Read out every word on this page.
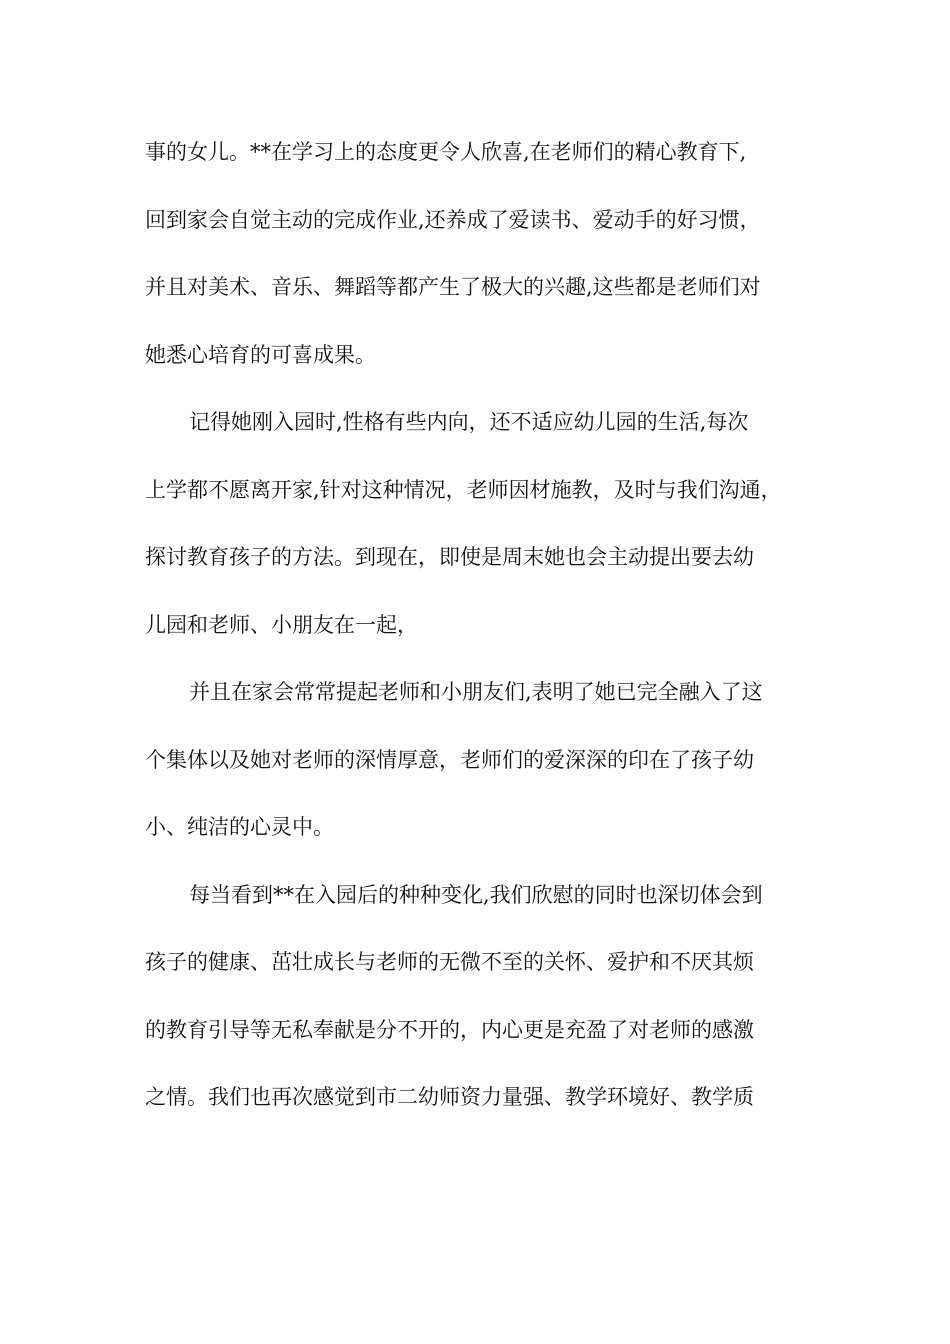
事的女儿。**在学习上的态度更令人欣喜,在老师们的精心教育下,
回到家会自觉主动的完成作业,还养成了爱读书、爱动手的好习惯，
并且对美术、音乐、舞蹈等都产生了极大的兴趣,这些都是老师们对
她悉心培育的可喜成果。
记得她刚入园时,性格有些内向，还不适应幼儿园的生活,每次
上学都不愿离开家,针对这种情况，老师因材施教，及时与我们沟通，
探讨教育孩子的方法。到现在，即使是周末她也会主动提出要去幼
儿园和老师、小朋友在一起，
并且在家会常常提起老师和小朋友们,表明了她已完全融入了这
个集体以及她对老师的深情厚意，老师们的爱深深的印在了孩子幼
小、纯洁的心灵中。
每当看到**在入园后的种种变化,我们欣慰的同时也深切体会到
孩子的健康、茁壮成长与老师的无微不至的关怀、爱护和不厌其烦
的教育引导等无私奉献是分不开的，内心更是充盈了对老师的感激
之情。我们也再次感觉到市二幼师资力量强、教学环境好、教学质
